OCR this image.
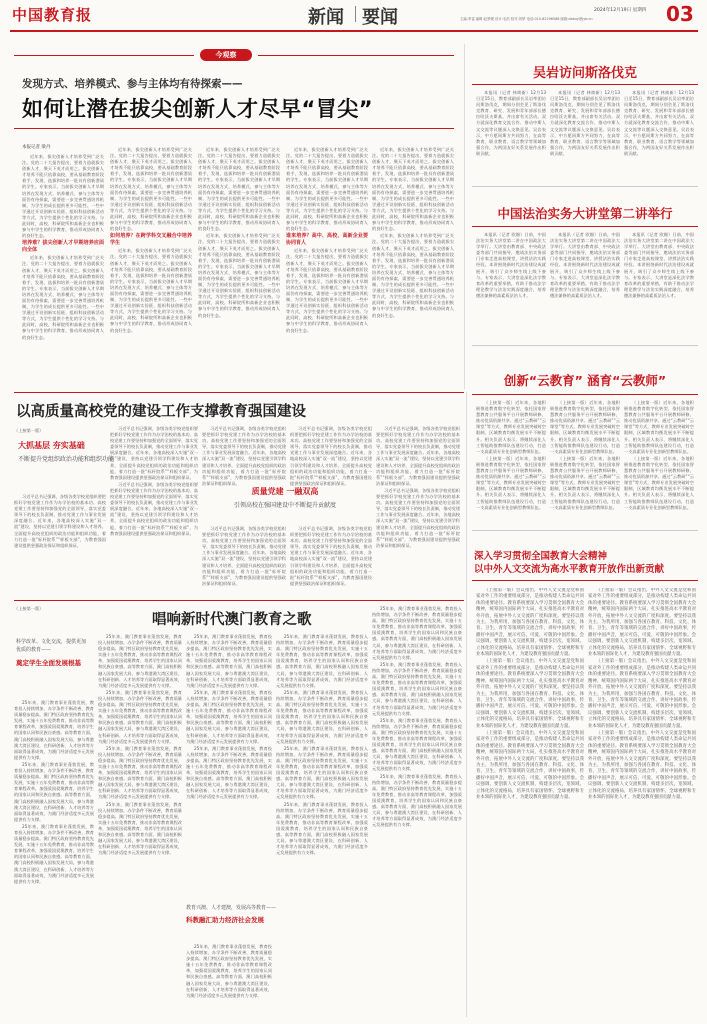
中国教育报	新闻 要闻	2024年12月19日 星期四
主编:李雷 编辑:赵梦媛 设计:毛浩 校对:刘梦 电话:010-82296588 邮箱:dabuy@jyb.cn	03
今观察
发现方式、培养模式、参与主体均有待探索——
如何让潜在拔尖创新人才尽早“冒尖”
本报记者 梁丹

近年来，拔尖创新人才培养受到广泛关注。党的二十大报告提出，要着力造就拔尖创新人才，聚天下英才而用之。拔尖创新人才培养不能只依靠高校，要从基础教育阶段着手，发现、选拔和培养一批具有创新潜质的学生。专家表示，当前拔尖创新人才早期培养在发现方式、培养模式、参与主体等方面仍有待探索，需要进一步完善贯通培养机制，为学生的成长提供更多可能性。一些中学通过开设创新实验班、组织科技创新活动等方式，为学生提供个性化的学习支持。与此同时，高校、科研院所和高新企业也积极参与中学生的科学教育，推动形成协同育人的良好生态。

培养难？拔尖创新人才早期培养应面向全体

近年来，拔尖创新人才培养受到广泛关注。党的二十大报告提出，要着力造就拔尖创新人才，聚天下英才而用之。拔尖创新人才培养不能只依靠高校，要从基础教育阶段着手，发现、选拔和培养一批具有创新潜质的学生。专家表示，当前拔尖创新人才早期培养在发现方式、培养模式、参与主体等方面仍有待探索，需要进一步完善贯通培养机制，为学生的成长提供更多可能性。一些中学通过开设创新实验班、组织科技创新活动等方式，为学生提供个性化的学习支持。与此同时，高校、科研院所和高新企业也积极参与中学生的科学教育，推动形成协同育人的良好生态。

近年来，拔尖创新人才培养受到广泛关注。党的二十大报告提出，要着力造就拔尖创新人才，聚天下英才而用之。拔尖创新人才培养不能只依靠高校，要从基础教育阶段着手，发现、选拔和培养一批具有创新潜质的学生。专家表示，当前拔尖创新人才早期培养在发现方式、培养模式、参与主体等方面仍有待探索，需要进一步完善贯通培养机制，为学生的成长提供更多可能性。一些中学通过开设创新实验班、组织科技创新活动等方式，为学生提供个性化的学习支持。与此同时，高校、科研院所和高新企业也积极参与中学生的科学教育，推动形成协同育人的良好生态。

如何培养？在跨学科交叉融合中培养学生

近年来，拔尖创新人才培养受到广泛关注。党的二十大报告提出，要着力造就拔尖创新人才，聚天下英才而用之。拔尖创新人才培养不能只依靠高校，要从基础教育阶段着手，发现、选拔和培养一批具有创新潜质的学生。专家表示，当前拔尖创新人才早期培养在发现方式、培养模式、参与主体等方面仍有待探索，需要进一步完善贯通培养机制，为学生的成长提供更多可能性。一些中学通过开设创新实验班、组织科技创新活动等方式，为学生提供个性化的学习支持。与此同时，高校、科研院所和高新企业也积极参与中学生的科学教育，推动形成协同育人的良好生态。

近年来，拔尖创新人才培养受到广泛关注。党的二十大报告提出，要着力造就拔尖创新人才，聚天下英才而用之。拔尖创新人才培养不能只依靠高校，要从基础教育阶段着手，发现、选拔和培养一批具有创新潜质的学生。专家表示，当前拔尖创新人才早期培养在发现方式、培养模式、参与主体等方面仍有待探索，需要进一步完善贯通培养机制，为学生的成长提供更多可能性。一些中学通过开设创新实验班、组织科技创新活动等方式，为学生提供个性化的学习支持。与此同时，高校、科研院所和高新企业也积极参与中学生的科学教育，推动形成协同育人的良好生态。

近年来，拔尖创新人才培养受到广泛关注。党的二十大报告提出，要着力造就拔尖创新人才，聚天下英才而用之。拔尖创新人才培养不能只依靠高校，要从基础教育阶段着手，发现、选拔和培养一批具有创新潜质的学生。专家表示，当前拔尖创新人才早期培养在发现方式、培养模式、参与主体等方面仍有待探索，需要进一步完善贯通培养机制，为学生的成长提供更多可能性。一些中学通过开设创新实验班、组织科技创新活动等方式，为学生提供个性化的学习支持。与此同时，高校、科研院所和高新企业也积极参与中学生的科学教育，推动形成协同育人的良好生态。

近年来，拔尖创新人才培养受到广泛关注。党的二十大报告提出，要着力造就拔尖创新人才，聚天下英才而用之。拔尖创新人才培养不能只依靠高校，要从基础教育阶段着手，发现、选拔和培养一批具有创新潜质的学生。专家表示，当前拔尖创新人才早期培养在发现方式、培养模式、参与主体等方面仍有待探索，需要进一步完善贯通培养机制，为学生的成长提供更多可能性。一些中学通过开设创新实验班、组织科技创新活动等方式，为学生提供个性化的学习支持。与此同时，高校、科研院所和高新企业也积极参与中学生的科学教育，推动形成协同育人的良好生态。

谁来培养？高中、高校、高新企业要协同育人

近年来，拔尖创新人才培养受到广泛关注。党的二十大报告提出，要着力造就拔尖创新人才，聚天下英才而用之。拔尖创新人才培养不能只依靠高校，要从基础教育阶段着手，发现、选拔和培养一批具有创新潜质的学生。专家表示，当前拔尖创新人才早期培养在发现方式、培养模式、参与主体等方面仍有待探索，需要进一步完善贯通培养机制，为学生的成长提供更多可能性。一些中学通过开设创新实验班、组织科技创新活动等方式，为学生提供个性化的学习支持。与此同时，高校、科研院所和高新企业也积极参与中学生的科学教育，推动形成协同育人的良好生态。

近年来，拔尖创新人才培养受到广泛关注。党的二十大报告提出，要着力造就拔尖创新人才，聚天下英才而用之。拔尖创新人才培养不能只依靠高校，要从基础教育阶段着手，发现、选拔和培养一批具有创新潜质的学生。专家表示，当前拔尖创新人才早期培养在发现方式、培养模式、参与主体等方面仍有待探索，需要进一步完善贯通培养机制，为学生的成长提供更多可能性。一些中学通过开设创新实验班、组织科技创新活动等方式，为学生提供个性化的学习支持。与此同时，高校、科研院所和高新企业也积极参与中学生的科学教育，推动形成协同育人的良好生态。

近年来，拔尖创新人才培养受到广泛关注。党的二十大报告提出，要着力造就拔尖创新人才，聚天下英才而用之。拔尖创新人才培养不能只依靠高校，要从基础教育阶段着手，发现、选拔和培养一批具有创新潜质的学生。专家表示，当前拔尖创新人才早期培养在发现方式、培养模式、参与主体等方面仍有待探索，需要进一步完善贯通培养机制，为学生的成长提供更多可能性。一些中学通过开设创新实验班、组织科技创新活动等方式，为学生提供个性化的学习支持。与此同时，高校、科研院所和高新企业也积极参与中学生的科学教育，推动形成协同育人的良好生态。

吴岩访问斯洛伐克

本报讯（记者 林焕新）12月13日至15日，教育部副部长吴岩率团访问斯洛伐克，期间分别会见了斯洛伐克教育、研究、发展和青年部部长德拉哈沃夫斯基，并出席有关活动。双方就深化教育交流合作、推动中斯人文交流等议题深入交换意见。吴岩表示，中方愿同斯方共同努力，在高等教育、职业教育、语言教学等领域加强合作，为两国友好关系发展作出积极贡献。

本报讯（记者 林焕新）12月13日至15日，教育部副部长吴岩率团访问斯洛伐克，期间分别会见了斯洛伐克教育、研究、发展和青年部部长德拉哈沃夫斯基，并出席有关活动。双方就深化教育交流合作、推动中斯人文交流等议题深入交换意见。吴岩表示，中方愿同斯方共同努力，在高等教育、职业教育、语言教学等领域加强合作，为两国友好关系发展作出积极贡献。

本报讯（记者 林焕新）12月13日至15日，教育部副部长吴岩率团访问斯洛伐克，期间分别会见了斯洛伐克教育、研究、发展和青年部部长德拉哈沃夫斯基，并出席有关活动。双方就深化教育交流合作、推动中斯人文交流等议题深入交换意见。吴岩表示，中方愿同斯方共同努力，在高等教育、职业教育、语言教学等领域加强合作，为两国友好关系发展作出积极贡献。

中国法治实务大讲堂第二讲举行

本报讯（记者 欧媚）日前，中国法治实务大讲堂第二讲在中国政法大学举行。大讲堂由教育部、中央政法委等部门共同指导，邀请法治实务部门专家走进高校课堂，讲授法治实践经验。本讲围绕新时代法治建设成就展开，吸引了众多师生线上线下参与。专家表示，大讲堂是深化法学教育改革的重要举措，有助于推动法学理论教学与法治实践深度融合，培养德法兼修的高素质法治人才。

本报讯（记者 欧媚）日前，中国法治实务大讲堂第二讲在中国政法大学举行。大讲堂由教育部、中央政法委等部门共同指导，邀请法治实务部门专家走进高校课堂，讲授法治实践经验。本讲围绕新时代法治建设成就展开，吸引了众多师生线上线下参与。专家表示，大讲堂是深化法学教育改革的重要举措，有助于推动法学理论教学与法治实践深度融合，培养德法兼修的高素质法治人才。

本报讯（记者 欧媚）日前，中国法治实务大讲堂第二讲在中国政法大学举行。大讲堂由教育部、中央政法委等部门共同指导，邀请法治实务部门专家走进高校课堂，讲授法治实践经验。本讲围绕新时代法治建设成就展开，吸引了众多师生线上线下参与。专家表示，大讲堂是深化法学教育改革的重要举措，有助于推动法学理论教学与法治实践深度融合，培养德法兼修的高素质法治人才。

创新“云教育” 涵育“云教师”

（上接第一版）近年来，各地积极推进教育数字化转型，依托国家智慧教育公共服务平台开展教师研修，推动优质资源共享。通过“云教研”“云课堂”等方式，教师专业发展突破时空限制，区域教育均衡发展水平不断提升。相关负责人表示，将继续深化人工智能助推教师队伍建设行动，打造一支高素质专业化创新型教师队伍。

（上接第一版）近年来，各地积极推进教育数字化转型，依托国家智慧教育公共服务平台开展教师研修，推动优质资源共享。通过“云教研”“云课堂”等方式，教师专业发展突破时空限制，区域教育均衡发展水平不断提升。相关负责人表示，将继续深化人工智能助推教师队伍建设行动，打造一支高素质专业化创新型教师队伍。

（上接第一版）近年来，各地积极推进教育数字化转型，依托国家智慧教育公共服务平台开展教师研修，推动优质资源共享。通过“云教研”“云课堂”等方式，教师专业发展突破时空限制，区域教育均衡发展水平不断提升。相关负责人表示，将继续深化人工智能助推教师队伍建设行动，打造一支高素质专业化创新型教师队伍。

（上接第一版）近年来，各地积极推进教育数字化转型，依托国家智慧教育公共服务平台开展教师研修，推动优质资源共享。通过“云教研”“云课堂”等方式，教师专业发展突破时空限制，区域教育均衡发展水平不断提升。相关负责人表示，将继续深化人工智能助推教师队伍建设行动，打造一支高素质专业化创新型教师队伍。

（上接第一版）近年来，各地积极推进教育数字化转型，依托国家智慧教育公共服务平台开展教师研修，推动优质资源共享。通过“云教研”“云课堂”等方式，教师专业发展突破时空限制，区域教育均衡发展水平不断提升。相关负责人表示，将继续深化人工智能助推教师队伍建设行动，打造一支高素质专业化创新型教师队伍。

（上接第一版）近年来，各地积极推进教育数字化转型，依托国家智慧教育公共服务平台开展教师研修，推动优质资源共享。通过“云教研”“云课堂”等方式，教师专业发展突破时空限制，区域教育均衡发展水平不断提升。相关负责人表示，将继续深化人工智能助推教师队伍建设行动，打造一支高素质专业化创新型教师队伍。

深入学习贯彻全国教育大会精神
以中外人文交流为高水平教育开放作出新贡献

（上接第一版）会议指出，中外人文交流是党和国家对外工作的重要组成部分，是推动构建人类命运共同体的重要途径。教育系统要深入学习贯彻全国教育大会精神，统筹国内国际两个大局，扎实推进高水平教育对外开放，拓展中外人文交流的广度和深度。要坚持以我为主、为我所用，加强与各国在教育、科技、文化、体育、卫生、青年等领域的交流合作，讲好中国故事，传播好中国声音，展示可信、可爱、可敬的中国形象。会议强调，要创新人文交流机制，构建多层次、宽领域、立体化的交流格局，培养具有家国情怀、全球视野和专业本领的国际化人才，为建设教育强国贡献力量。

（上接第一版）会议指出，中外人文交流是党和国家对外工作的重要组成部分，是推动构建人类命运共同体的重要途径。教育系统要深入学习贯彻全国教育大会精神，统筹国内国际两个大局，扎实推进高水平教育对外开放，拓展中外人文交流的广度和深度。要坚持以我为主、为我所用，加强与各国在教育、科技、文化、体育、卫生、青年等领域的交流合作，讲好中国故事，传播好中国声音，展示可信、可爱、可敬的中国形象。会议强调，要创新人文交流机制，构建多层次、宽领域、立体化的交流格局，培养具有家国情怀、全球视野和专业本领的国际化人才，为建设教育强国贡献力量。

（上接第一版）会议指出，中外人文交流是党和国家对外工作的重要组成部分，是推动构建人类命运共同体的重要途径。教育系统要深入学习贯彻全国教育大会精神，统筹国内国际两个大局，扎实推进高水平教育对外开放，拓展中外人文交流的广度和深度。要坚持以我为主、为我所用，加强与各国在教育、科技、文化、体育、卫生、青年等领域的交流合作，讲好中国故事，传播好中国声音，展示可信、可爱、可敬的中国形象。会议强调，要创新人文交流机制，构建多层次、宽领域、立体化的交流格局，培养具有家国情怀、全球视野和专业本领的国际化人才，为建设教育强国贡献力量。

（上接第一版）会议指出，中外人文交流是党和国家对外工作的重要组成部分，是推动构建人类命运共同体的重要途径。教育系统要深入学习贯彻全国教育大会精神，统筹国内国际两个大局，扎实推进高水平教育对外开放，拓展中外人文交流的广度和深度。要坚持以我为主、为我所用，加强与各国在教育、科技、文化、体育、卫生、青年等领域的交流合作，讲好中国故事，传播好中国声音，展示可信、可爱、可敬的中国形象。会议强调，要创新人文交流机制，构建多层次、宽领域、立体化的交流格局，培养具有家国情怀、全球视野和专业本领的国际化人才，为建设教育强国贡献力量。

（上接第一版）会议指出，中外人文交流是党和国家对外工作的重要组成部分，是推动构建人类命运共同体的重要途径。教育系统要深入学习贯彻全国教育大会精神，统筹国内国际两个大局，扎实推进高水平教育对外开放，拓展中外人文交流的广度和深度。要坚持以我为主、为我所用，加强与各国在教育、科技、文化、体育、卫生、青年等领域的交流合作，讲好中国故事，传播好中国声音，展示可信、可爱、可敬的中国形象。会议强调，要创新人文交流机制，构建多层次、宽领域、立体化的交流格局，培养具有家国情怀、全球视野和专业本领的国际化人才，为建设教育强国贡献力量。

（上接第一版）会议指出，中外人文交流是党和国家对外工作的重要组成部分，是推动构建人类命运共同体的重要途径。教育系统要深入学习贯彻全国教育大会精神，统筹国内国际两个大局，扎实推进高水平教育对外开放，拓展中外人文交流的广度和深度。要坚持以我为主、为我所用，加强与各国在教育、科技、文化、体育、卫生、青年等领域的交流合作，讲好中国故事，传播好中国声音，展示可信、可爱、可敬的中国形象。会议强调，要创新人文交流机制，构建多层次、宽领域、立体化的交流格局，培养具有家国情怀、全球视野和专业本领的国际化人才，为建设教育强国贡献力量。

以高质量高校党的建设工作支撑教育强国建设
（上接第一版）
大抓基层 夯实基础
不断提升党组织政治功能和组织功能

习近平总书记强调，各级各类学校党组织要把抓好学校党建工作作为办学治校的基本功。高校党建工作要坚持和加强党的全面领导，落实党委领导下的校长负责制，推动党建工作与事业发展深度融合。近年来，各地高校深入实施“双一流”建设，坚持以党建引领学科建设和人才培养，全面提升高校党组织的政治功能和组织功能，着力打造一批“标杆院系”“样板支部”，为教育强国建设提供坚强政治保证和组织保证。

习近平总书记强调，各级各类学校党组织要把抓好学校党建工作作为办学治校的基本功。高校党建工作要坚持和加强党的全面领导，落实党委领导下的校长负责制，推动党建工作与事业发展深度融合。近年来，各地高校深入实施“双一流”建设，坚持以党建引领学科建设和人才培养，全面提升高校党组织的政治功能和组织功能，着力打造一批“标杆院系”“样板支部”，为教育强国建设提供坚强政治保证和组织保证。

习近平总书记强调，各级各类学校党组织要把抓好学校党建工作作为办学治校的基本功。高校党建工作要坚持和加强党的全面领导，落实党委领导下的校长负责制，推动党建工作与事业发展深度融合。近年来，各地高校深入实施“双一流”建设，坚持以党建引领学科建设和人才培养，全面提升高校党组织的政治功能和组织功能，着力打造一批“标杆院系”“样板支部”，为教育强国建设提供坚强政治保证和组织保证。

习近平总书记强调，各级各类学校党组织要把抓好学校党建工作作为办学治校的基本功。高校党建工作要坚持和加强党的全面领导，落实党委领导下的校长负责制，推动党建工作与事业发展深度融合。近年来，各地高校深入实施“双一流”建设，坚持以党建引领学科建设和人才培养，全面提升高校党组织的政治功能和组织功能，着力打造一批“标杆院系”“样板支部”，为教育强国建设提供坚强政治保证和组织保证。

质量党建 一融双高
引领高校在强国建设中不断提升贡献度

习近平总书记强调，各级各类学校党组织要把抓好学校党建工作作为办学治校的基本功。高校党建工作要坚持和加强党的全面领导，落实党委领导下的校长负责制，推动党建工作与事业发展深度融合。近年来，各地高校深入实施“双一流”建设，坚持以党建引领学科建设和人才培养，全面提升高校党组织的政治功能和组织功能，着力打造一批“标杆院系”“样板支部”，为教育强国建设提供坚强政治保证和组织保证。

习近平总书记强调，各级各类学校党组织要把抓好学校党建工作作为办学治校的基本功。高校党建工作要坚持和加强党的全面领导，落实党委领导下的校长负责制，推动党建工作与事业发展深度融合。近年来，各地高校深入实施“双一流”建设，坚持以党建引领学科建设和人才培养，全面提升高校党组织的政治功能和组织功能，着力打造一批“标杆院系”“样板支部”，为教育强国建设提供坚强政治保证和组织保证。

习近平总书记强调，各级各类学校党组织要把抓好学校党建工作作为办学治校的基本功。高校党建工作要坚持和加强党的全面领导，落实党委领导下的校长负责制，推动党建工作与事业发展深度融合。近年来，各地高校深入实施“双一流”建设，坚持以党建引领学科建设和人才培养，全面提升高校党组织的政治功能和组织功能，着力打造一批“标杆院系”“样板支部”，为教育强国建设提供坚强政治保证和组织保证。

习近平总书记强调，各级各类学校党组织要把抓好学校党建工作作为办学治校的基本功。高校党建工作要坚持和加强党的全面领导，落实党委领导下的校长负责制，推动党建工作与事业发展深度融合。近年来，各地高校深入实施“双一流”建设，坚持以党建引领学科建设和人才培养，全面提升高校党组织的政治功能和组织功能，着力打造一批“标杆院系”“样板支部”，为教育强国建设提供坚强政治保证和组织保证。

习近平总书记强调，各级各类学校党组织要把抓好学校党建工作作为办学治校的基本功。高校党建工作要坚持和加强党的全面领导，落实党委领导下的校长负责制，推动党建工作与事业发展深度融合。近年来，各地高校深入实施“双一流”建设，坚持以党建引领学科建设和人才培养，全面提升高校党组织的政治功能和组织功能，着力打造一批“标杆院系”“样板支部”，为教育强国建设提供坚强政治保证和组织保证。

（上接第一版）
唱响新时代澳门教育之歌
科学改革、文化交流，提供更加优质的教育——
奠定学生全面发展根基

25年来，澳门教育事业蓬勃发展，教育投入持续增加，办学条件不断改善，教育质量稳步提高。澳门特区政府坚持教育优先发展，实施十五年免费教育，推动非高等教育课程改革，加强爱国爱澳教育，培养学生的国家认同和民族自豪感。高等教育方面，澳门高校积极融入国家发展大局，参与粤港澳大湾区建设，在科研创新、人才培养等方面取得显著成效，为澳门经济适度多元发展提供有力支撑。

25年来，澳门教育事业蓬勃发展，教育投入持续增加，办学条件不断改善，教育质量稳步提高。澳门特区政府坚持教育优先发展，实施十五年免费教育，推动非高等教育课程改革，加强爱国爱澳教育，培养学生的国家认同和民族自豪感。高等教育方面，澳门高校积极融入国家发展大局，参与粤港澳大湾区建设，在科研创新、人才培养等方面取得显著成效，为澳门经济适度多元发展提供有力支撑。

25年来，澳门教育事业蓬勃发展，教育投入持续增加，办学条件不断改善，教育质量稳步提高。澳门特区政府坚持教育优先发展，实施十五年免费教育，推动非高等教育课程改革，加强爱国爱澳教育，培养学生的国家认同和民族自豪感。高等教育方面，澳门高校积极融入国家发展大局，参与粤港澳大湾区建设，在科研创新、人才培养等方面取得显著成效，为澳门经济适度多元发展提供有力支撑。

25年来，澳门教育事业蓬勃发展，教育投入持续增加，办学条件不断改善，教育质量稳步提高。澳门特区政府坚持教育优先发展，实施十五年免费教育，推动非高等教育课程改革，加强爱国爱澳教育，培养学生的国家认同和民族自豪感。高等教育方面，澳门高校积极融入国家发展大局，参与粤港澳大湾区建设，在科研创新、人才培养等方面取得显著成效，为澳门经济适度多元发展提供有力支撑。

25年来，澳门教育事业蓬勃发展，教育投入持续增加，办学条件不断改善，教育质量稳步提高。澳门特区政府坚持教育优先发展，实施十五年免费教育，推动非高等教育课程改革，加强爱国爱澳教育，培养学生的国家认同和民族自豪感。高等教育方面，澳门高校积极融入国家发展大局，参与粤港澳大湾区建设，在科研创新、人才培养等方面取得显著成效，为澳门经济适度多元发展提供有力支撑。

25年来，澳门教育事业蓬勃发展，教育投入持续增加，办学条件不断改善，教育质量稳步提高。澳门特区政府坚持教育优先发展，实施十五年免费教育，推动非高等教育课程改革，加强爱国爱澳教育，培养学生的国家认同和民族自豪感。高等教育方面，澳门高校积极融入国家发展大局，参与粤港澳大湾区建设，在科研创新、人才培养等方面取得显著成效，为澳门经济适度多元发展提供有力支撑。

25年来，澳门教育事业蓬勃发展，教育投入持续增加，办学条件不断改善，教育质量稳步提高。澳门特区政府坚持教育优先发展，实施十五年免费教育，推动非高等教育课程改革，加强爱国爱澳教育，培养学生的国家认同和民族自豪感。高等教育方面，澳门高校积极融入国家发展大局，参与粤港澳大湾区建设，在科研创新、人才培养等方面取得显著成效，为澳门经济适度多元发展提供有力支撑。

25年来，澳门教育事业蓬勃发展，教育投入持续增加，办学条件不断改善，教育质量稳步提高。澳门特区政府坚持教育优先发展，实施十五年免费教育，推动非高等教育课程改革，加强爱国爱澳教育，培养学生的国家认同和民族自豪感。高等教育方面，澳门高校积极融入国家发展大局，参与粤港澳大湾区建设，在科研创新、人才培养等方面取得显著成效，为澳门经济适度多元发展提供有力支撑。

25年来，澳门教育事业蓬勃发展，教育投入持续增加，办学条件不断改善，教育质量稳步提高。澳门特区政府坚持教育优先发展，实施十五年免费教育，推动非高等教育课程改革，加强爱国爱澳教育，培养学生的国家认同和民族自豪感。高等教育方面，澳门高校积极融入国家发展大局，参与粤港澳大湾区建设，在科研创新、人才培养等方面取得显著成效，为澳门经济适度多元发展提供有力支撑。

25年来，澳门教育事业蓬勃发展，教育投入持续增加，办学条件不断改善，教育质量稳步提高。澳门特区政府坚持教育优先发展，实施十五年免费教育，推动非高等教育课程改革，加强爱国爱澳教育，培养学生的国家认同和民族自豪感。高等教育方面，澳门高校积极融入国家发展大局，参与粤港澳大湾区建设，在科研创新、人才培养等方面取得显著成效，为澳门经济适度多元发展提供有力支撑。

教育兴澳、人才建澳，发展高等教育——
科教融汇助力经济社会发展

25年来，澳门教育事业蓬勃发展，教育投入持续增加，办学条件不断改善，教育质量稳步提高。澳门特区政府坚持教育优先发展，实施十五年免费教育，推动非高等教育课程改革，加强爱国爱澳教育，培养学生的国家认同和民族自豪感。高等教育方面，澳门高校积极融入国家发展大局，参与粤港澳大湾区建设，在科研创新、人才培养等方面取得显著成效，为澳门经济适度多元发展提供有力支撑。

25年来，澳门教育事业蓬勃发展，教育投入持续增加，办学条件不断改善，教育质量稳步提高。澳门特区政府坚持教育优先发展，实施十五年免费教育，推动非高等教育课程改革，加强爱国爱澳教育，培养学生的国家认同和民族自豪感。高等教育方面，澳门高校积极融入国家发展大局，参与粤港澳大湾区建设，在科研创新、人才培养等方面取得显著成效，为澳门经济适度多元发展提供有力支撑。

25年来，澳门教育事业蓬勃发展，教育投入持续增加，办学条件不断改善，教育质量稳步提高。澳门特区政府坚持教育优先发展，实施十五年免费教育，推动非高等教育课程改革，加强爱国爱澳教育，培养学生的国家认同和民族自豪感。高等教育方面，澳门高校积极融入国家发展大局，参与粤港澳大湾区建设，在科研创新、人才培养等方面取得显著成效，为澳门经济适度多元发展提供有力支撑。

25年来，澳门教育事业蓬勃发展，教育投入持续增加，办学条件不断改善，教育质量稳步提高。澳门特区政府坚持教育优先发展，实施十五年免费教育，推动非高等教育课程改革，加强爱国爱澳教育，培养学生的国家认同和民族自豪感。高等教育方面，澳门高校积极融入国家发展大局，参与粤港澳大湾区建设，在科研创新、人才培养等方面取得显著成效，为澳门经济适度多元发展提供有力支撑。

25年来，澳门教育事业蓬勃发展，教育投入持续增加，办学条件不断改善，教育质量稳步提高。澳门特区政府坚持教育优先发展，实施十五年免费教育，推动非高等教育课程改革，加强爱国爱澳教育，培养学生的国家认同和民族自豪感。高等教育方面，澳门高校积极融入国家发展大局，参与粤港澳大湾区建设，在科研创新、人才培养等方面取得显著成效，为澳门经济适度多元发展提供有力支撑。

25年来，澳门教育事业蓬勃发展，教育投入持续增加，办学条件不断改善，教育质量稳步提高。澳门特区政府坚持教育优先发展，实施十五年免费教育，推动非高等教育课程改革，加强爱国爱澳教育，培养学生的国家认同和民族自豪感。高等教育方面，澳门高校积极融入国家发展大局，参与粤港澳大湾区建设，在科研创新、人才培养等方面取得显著成效，为澳门经济适度多元发展提供有力支撑。

25年来，澳门教育事业蓬勃发展，教育投入持续增加，办学条件不断改善，教育质量稳步提高。澳门特区政府坚持教育优先发展，实施十五年免费教育，推动非高等教育课程改革，加强爱国爱澳教育，培养学生的国家认同和民族自豪感。高等教育方面，澳门高校积极融入国家发展大局，参与粤港澳大湾区建设，在科研创新、人才培养等方面取得显著成效，为澳门经济适度多元发展提供有力支撑。

25年来，澳门教育事业蓬勃发展，教育投入持续增加，办学条件不断改善，教育质量稳步提高。澳门特区政府坚持教育优先发展，实施十五年免费教育，推动非高等教育课程改革，加强爱国爱澳教育，培养学生的国家认同和民族自豪感。高等教育方面，澳门高校积极融入国家发展大局，参与粤港澳大湾区建设，在科研创新、人才培养等方面取得显著成效，为澳门经济适度多元发展提供有力支撑。

25年来，澳门教育事业蓬勃发展，教育投入持续增加，办学条件不断改善，教育质量稳步提高。澳门特区政府坚持教育优先发展，实施十五年免费教育，推动非高等教育课程改革，加强爱国爱澳教育，培养学生的国家认同和民族自豪感。高等教育方面，澳门高校积极融入国家发展大局，参与粤港澳大湾区建设，在科研创新、人才培养等方面取得显著成效，为澳门经济适度多元发展提供有力支撑。
